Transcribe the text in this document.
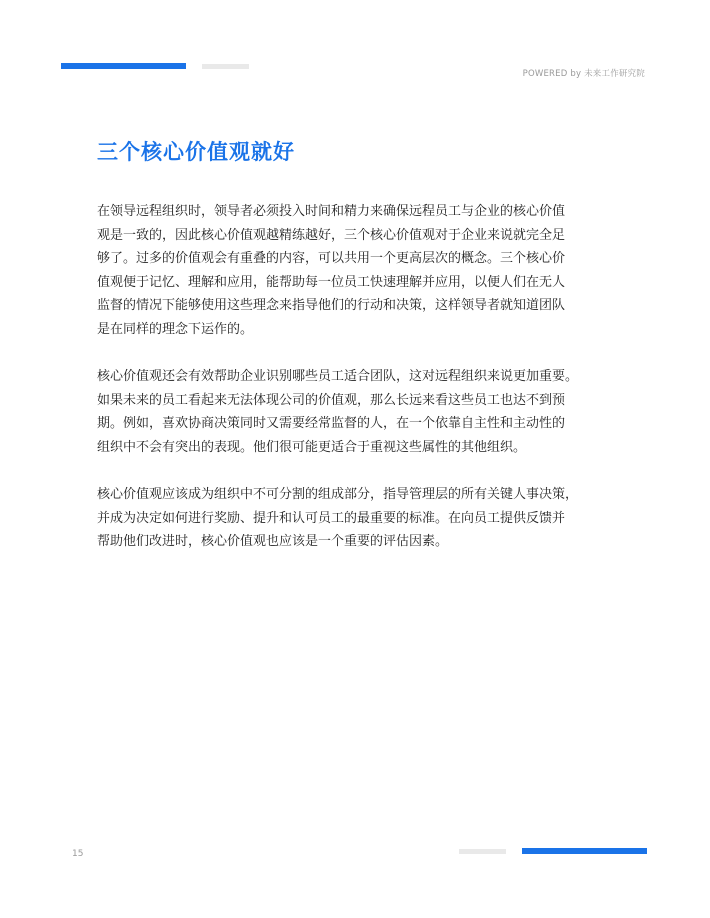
POWERED by 未来工作研究院
三个核心价值观就好

在领导远程组织时，领导者必须投入时间和精力来确保远程员工与企业的核心价值
观是一致的，因此核心价值观越精练越好，三个核心价值观对于企业来说就完全足
够了。过多的价值观会有重叠的内容，可以共用一个更高层次的概念。三个核心价
值观便于记忆、理解和应用，能帮助每一位员工快速理解并应用，以便人们在无人
监督的情况下能够使用这些理念来指导他们的行动和决策，这样领导者就知道团队
是在同样的理念下运作的。

核心价值观还会有效帮助企业识别哪些员工适合团队，这对远程组织来说更加重要。
如果未来的员工看起来无法体现公司的价值观，那么长远来看这些员工也达不到预
期。例如，喜欢协商决策同时又需要经常监督的人，在一个依靠自主性和主动性的
组织中不会有突出的表现。他们很可能更适合于重视这些属性的其他组织。

核心价值观应该成为组织中不可分割的组成部分，指导管理层的所有关键人事决策，
并成为决定如何进行奖励、提升和认可员工的最重要的标准。在向员工提供反馈并
帮助他们改进时，核心价值观也应该是一个重要的评估因素。

15
